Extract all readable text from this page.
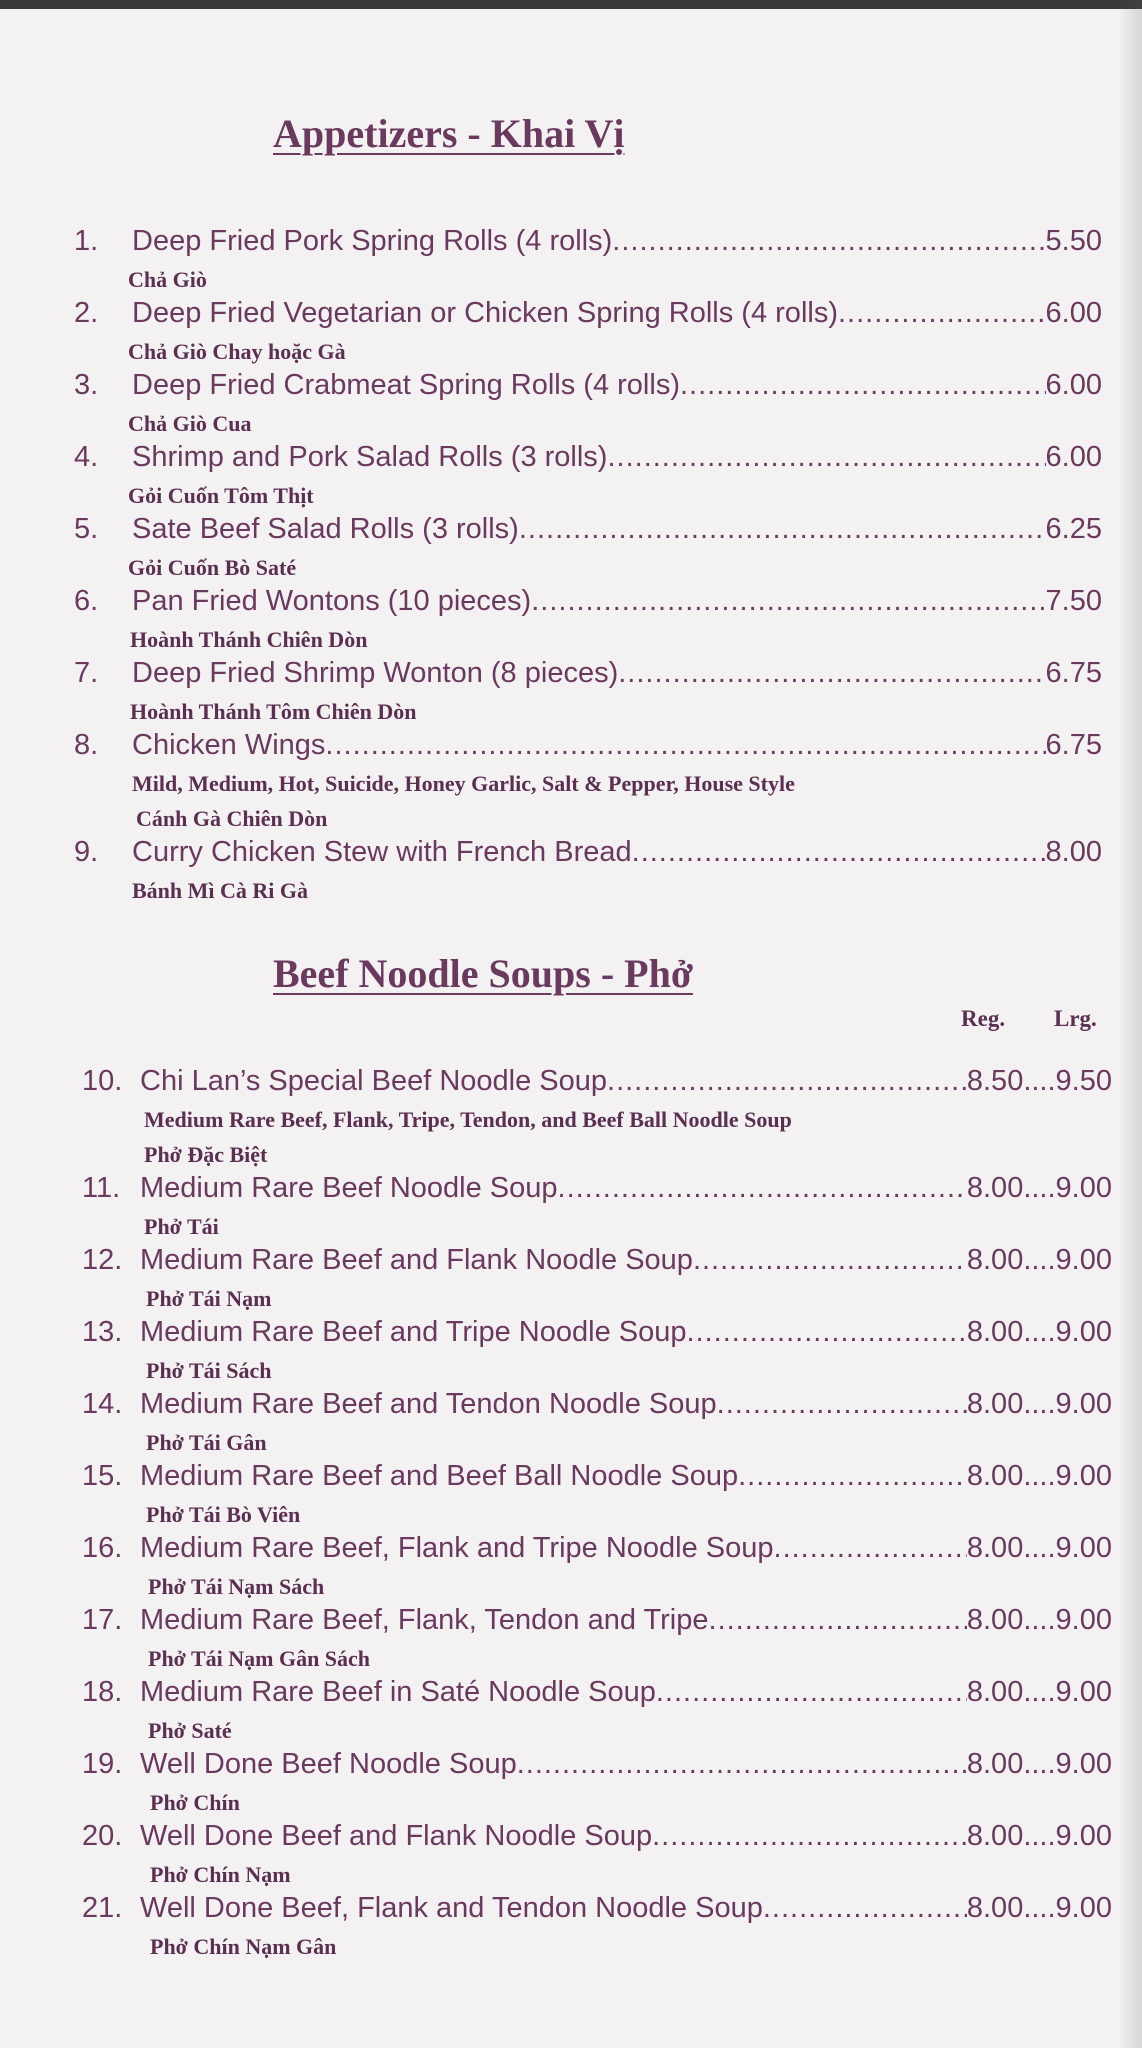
Appetizers - Khai Vị
1.	Deep Fried Pork Spring Rolls (4 rolls) .....	5.50
Chả Giò
2.	Deep Fried Vegetarian or Chicken Spring Rolls (4 rolls) .....	6.00
Chả Giò Chay hoặc Gà
3.	Deep Fried Crabmeat Spring Rolls (4 rolls) .....	6.00
Chả Giò Cua
4.	Shrimp and Pork Salad Rolls (3 rolls) .....	6.00
Gỏi Cuốn Tôm Thịt
5.	Sate Beef Salad Rolls (3 rolls) .....	6.25
Gỏi Cuốn Bò Saté
6.	Pan Fried Wontons (10 pieces) .....	7.50
Hoành Thánh Chiên Dòn
7.	Deep Fried Shrimp Wonton (8 pieces) .....	6.75
Hoành Thánh Tôm Chiên Dòn
8.	Chicken Wings .....	6.75
Mild, Medium, Hot, Suicide, Honey Garlic, Salt & Pepper, House Style
Cánh Gà Chiên Dòn
9.	Curry Chicken Stew with French Bread .....	8.00
Bánh Mì Cà Ri Gà
Beef Noodle Soups - Phở
Reg. Lrg.
10. Chi Lan’s Special Beef Noodle Soup .....	8.50....9.50
Medium Rare Beef, Flank, Tripe, Tendon, and Beef Ball Noodle Soup
Phở Đặc Biệt
11. Medium Rare Beef Noodle Soup .....	8.00....9.00
Phở Tái
12. Medium Rare Beef and Flank Noodle Soup .....	8.00....9.00
Phở Tái Nạm
13. Medium Rare Beef and Tripe Noodle Soup .....	8.00....9.00
Phở Tái Sách
14. Medium Rare Beef and Tendon Noodle Soup .....	8.00....9.00
Phở Tái Gân
15. Medium Rare Beef and Beef Ball Noodle Soup .....	8.00....9.00
Phở Tái Bò Viên
16. Medium Rare Beef, Flank and Tripe Noodle Soup .....	8.00....9.00
Phở Tái Nạm Sách
17. Medium Rare Beef, Flank, Tendon and Tripe .....	8.00....9.00
Phở Tái Nạm Gân Sách
18. Medium Rare Beef in Saté Noodle Soup .....	8.00....9.00
Phở Saté
19. Well Done Beef Noodle Soup .....	8.00....9.00
Phở Chín
20. Well Done Beef and Flank Noodle Soup .....	8.00....9.00
Phở Chín Nạm
21. Well Done Beef, Flank and Tendon Noodle Soup .....	8.00....9.00
Phở Chín Nạm Gân
